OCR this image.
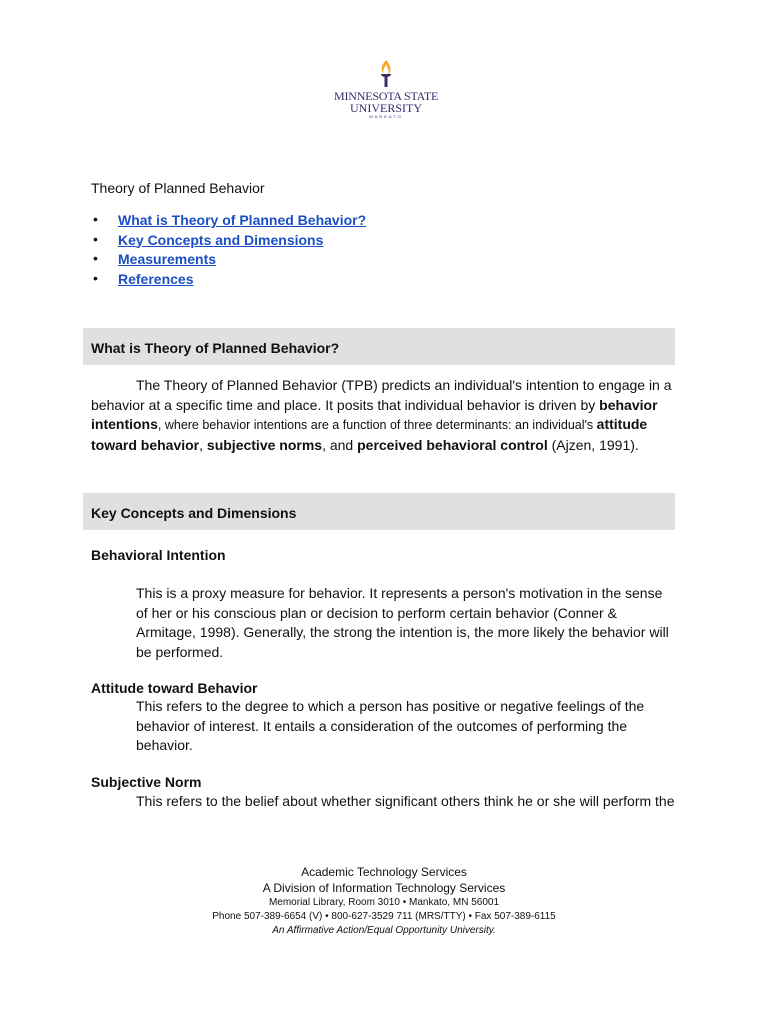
MINNESOTA STATE
UNIVERSITY
MANKATO
Theory of Planned Behavior
• What is Theory of Planned Behavior?
• Key Concepts and Dimensions
• Measurements
• References
What is Theory of Planned Behavior?
The Theory of Planned Behavior (TPB) predicts an individual's intention to engage in a behavior at a specific time and place. It posits that individual behavior is driven by behavior intentions, where behavior intentions are a function of three determinants: an individual's attitude toward behavior, subjective norms, and perceived behavioral control (Ajzen, 1991).
Key Concepts and Dimensions
Behavioral Intention
This is a proxy measure for behavior. It represents a person's motivation in the sense of her or his conscious plan or decision to perform certain behavior (Conner & Armitage, 1998). Generally, the strong the intention is, the more likely the behavior will be performed.
Attitude toward Behavior
This refers to the degree to which a person has positive or negative feelings of the behavior of interest. It entails a consideration of the outcomes of performing the behavior.
Subjective Norm
This refers to the belief about whether significant others think he or she will perform the
Academic Technology Services
A Division of Information Technology Services
Memorial Library, Room 3010 • Mankato, MN 56001
Phone 507-389-6654 (V) • 800-627-3529 711 (MRS/TTY) • Fax 507-389-6115
An Affirmative Action/Equal Opportunity University.
